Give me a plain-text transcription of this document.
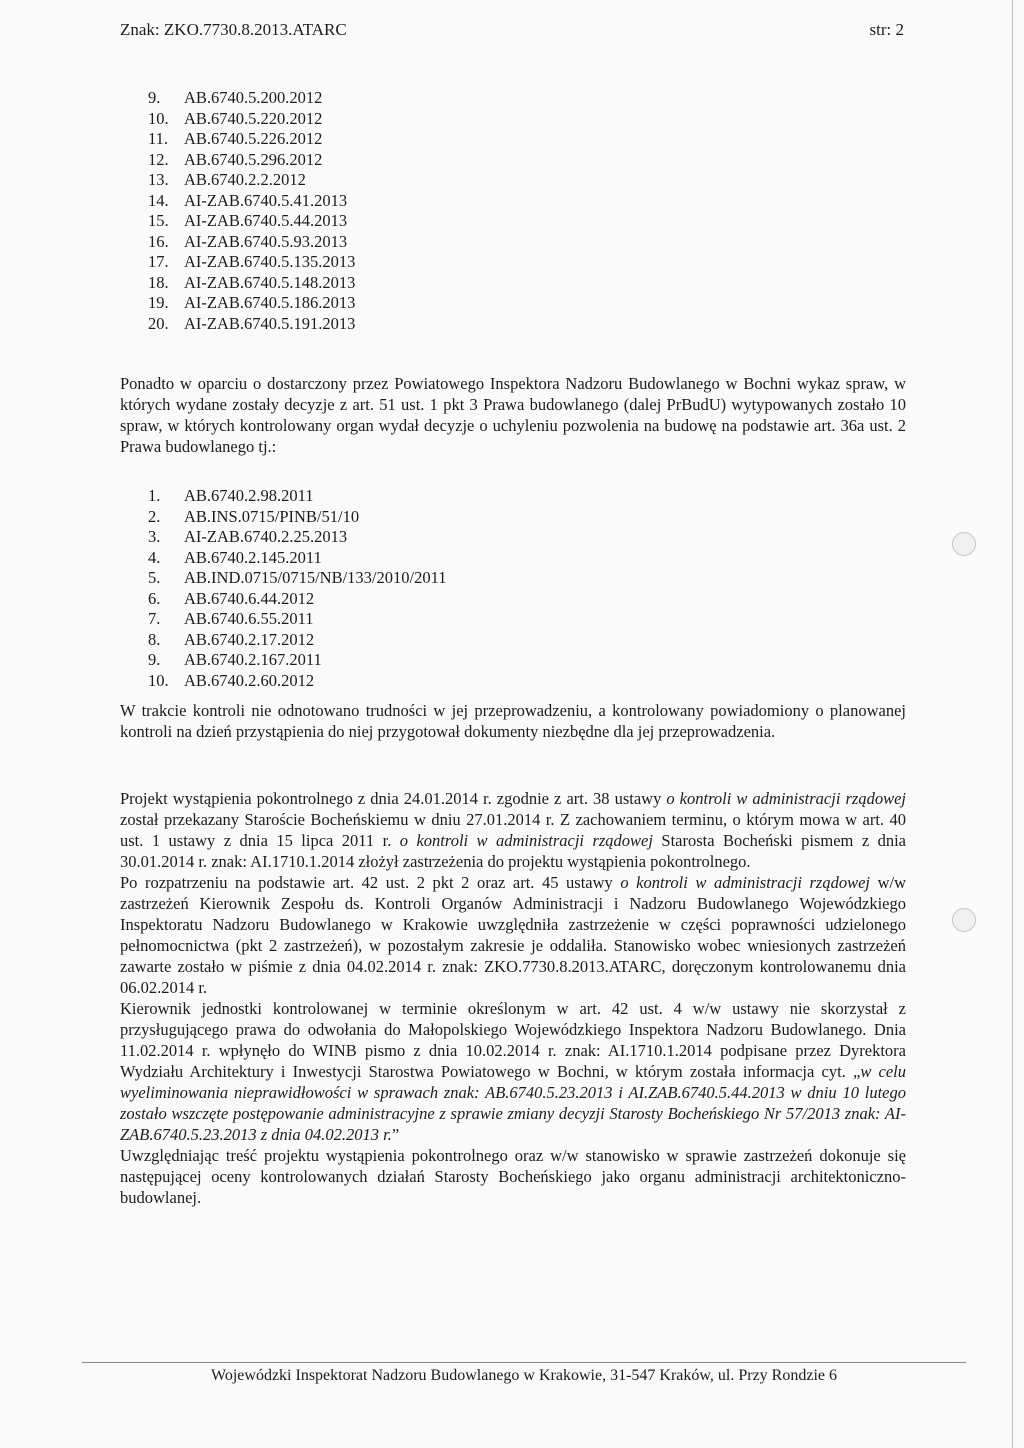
Znak: ZKO.7730.8.2013.ATARC	str: 2
9.	AB.6740.5.200.2012
10. AB.6740.5.220.2012
11. AB.6740.5.226.2012
12. AB.6740.5.296.2012
13. AB.6740.2.2.2012
14. AI-ZAB.6740.5.41.2013
15. AI-ZAB.6740.5.44.2013
16. AI-ZAB.6740.5.93.2013
17. AI-ZAB.6740.5.135.2013
18. AI-ZAB.6740.5.148.2013
19. AI-ZAB.6740.5.186.2013
20. AI-ZAB.6740.5.191.2013

Ponadto w oparciu o dostarczony przez Powiatowego Inspektora Nadzoru Budowlanego w Bochni wykaz spraw, w których wydane zostały decyzje z art. 51 ust. 1 pkt 3 Prawa budowlanego (dalej PrBudU) wytypowanych zostało 10 spraw, w których kontrolowany organ wydał decyzje o uchyleniu pozwolenia na budowę na podstawie art. 36a ust. 2 Prawa budowlanego tj.:

1.	AB.6740.2.98.2011
2.	AB.INS.0715/PINB/51/10
3.	AI-ZAB.6740.2.25.2013
4.	AB.6740.2.145.2011
5.	AB.IND.0715/0715/NB/133/2010/2011
6.	AB.6740.6.44.2012
7.	AB.6740.6.55.2011
8.	AB.6740.2.17.2012
9.	AB.6740.2.167.2011
10. AB.6740.2.60.2012

W trakcie kontroli nie odnotowano trudności w jej przeprowadzeniu, a kontrolowany powiadomiony o planowanej kontroli na dzień przystąpienia do niej przygotował dokumenty niezbędne dla jej przeprowadzenia.

Projekt wystąpienia pokontrolnego z dnia 24.01.2014 r. zgodnie z art. 38 ustawy o kontroli w administracji rządowej został przekazany Staroście Bocheńskiemu w dniu 27.01.2014 r. Z zachowaniem terminu, o którym mowa w art. 40 ust. 1 ustawy z dnia 15 lipca 2011 r. o kontroli w administracji rządowej Starosta Bocheński pismem z dnia 30.01.2014 r. znak: AI.1710.1.2014 złożył zastrzeżenia do projektu wystąpienia pokontrolnego.

Po rozpatrzeniu na podstawie art. 42 ust. 2 pkt 2 oraz art. 45 ustawy o kontroli w administracji rządowej w/w zastrzeżeń Kierownik Zespołu ds. Kontroli Organów Administracji i Nadzoru Budowlanego Wojewódzkiego Inspektoratu Nadzoru Budowlanego w Krakowie uwzględniła zastrzeżenie w części poprawności udzielonego pełnomocnictwa (pkt 2 zastrzeżeń), w pozostałym zakresie je oddaliła. Stanowisko wobec wniesionych zastrzeżeń zawarte zostało w piśmie z dnia 04.02.2014 r. znak: ZKO.7730.8.2013.ATARC, doręczonym kontrolowanemu dnia 06.02.2014 r.

Kierownik jednostki kontrolowanej w terminie określonym w art. 42 ust. 4 w/w ustawy nie skorzystał z przysługującego prawa do odwołania do Małopolskiego Wojewódzkiego Inspektora Nadzoru Budowlanego. Dnia 11.02.2014 r. wpłynęło do WINB pismo z dnia 10.02.2014 r. znak: AI.1710.1.2014 podpisane przez Dyrektora Wydziału Architektury i Inwestycji Starostwa Powiatowego w Bochni, w którym została informacja cyt. „w celu wyeliminowania nieprawidłowości w sprawach znak: AB.6740.5.23.2013 i AI.ZAB.6740.5.44.2013 w dniu 10 lutego zostało wszczęte postępowanie administracyjne z sprawie zmiany decyzji Starosty Bocheńskiego Nr 57/2013 znak: AI-ZAB.6740.5.23.2013 z dnia 04.02.2013 r.”

Uwzględniając treść projektu wystąpienia pokontrolnego oraz w/w stanowisko w sprawie zastrzeżeń dokonuje się następującej oceny kontrolowanych działań Starosty Bocheńskiego jako organu administracji architektoniczno- budowlanej.

Wojewódzki Inspektorat Nadzoru Budowlanego w Krakowie, 31-547 Kraków, ul. Przy Rondzie 6
